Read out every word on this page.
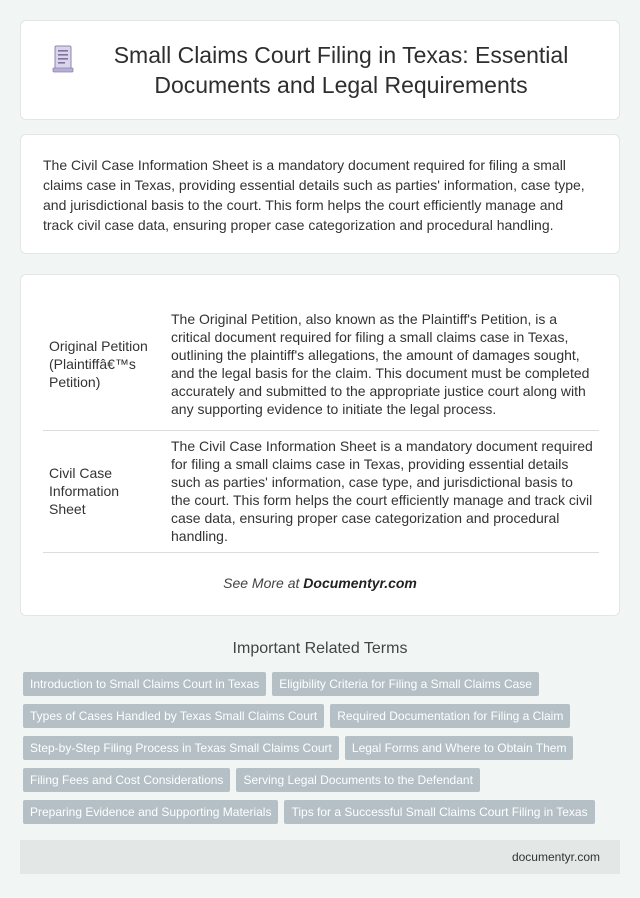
Small Claims Court Filing in Texas: Essential Documents and Legal Requirements

The Civil Case Information Sheet is a mandatory document required for filing a small claims case in Texas, providing essential details such as parties' information, case type, and jurisdictional basis to the court. This form helps the court efficiently manage and track civil case data, ensuring proper case categorization and procedural handling.

Original Petition (Plaintiffâ€™s Petition)	The Original Petition, also known as the Plaintiff's Petition, is a critical document required for filing a small claims case in Texas, outlining the plaintiff's allegations, the amount of damages sought, and the legal basis for the claim. This document must be completed accurately and submitted to the appropriate justice court along with any supporting evidence to initiate the legal process.
Civil Case Information Sheet	The Civil Case Information Sheet is a mandatory document required for filing a small claims case in Texas, providing essential details such as parties' information, case type, and jurisdictional basis to the court. This form helps the court efficiently manage and track civil case data, ensuring proper case categorization and procedural handling.
See More at Documentyr.com
Important Related Terms
Introduction to Small Claims Court in Texas	Eligibility Criteria for Filing a Small Claims Case
Types of Cases Handled by Texas Small Claims Court	Required Documentation for Filing a Claim
Step-by-Step Filing Process in Texas Small Claims Court	Legal Forms and Where to Obtain Them
Filing Fees and Cost Considerations	Serving Legal Documents to the Defendant
Preparing Evidence and Supporting Materials	Tips for a Successful Small Claims Court Filing in Texas
documentyr.com
